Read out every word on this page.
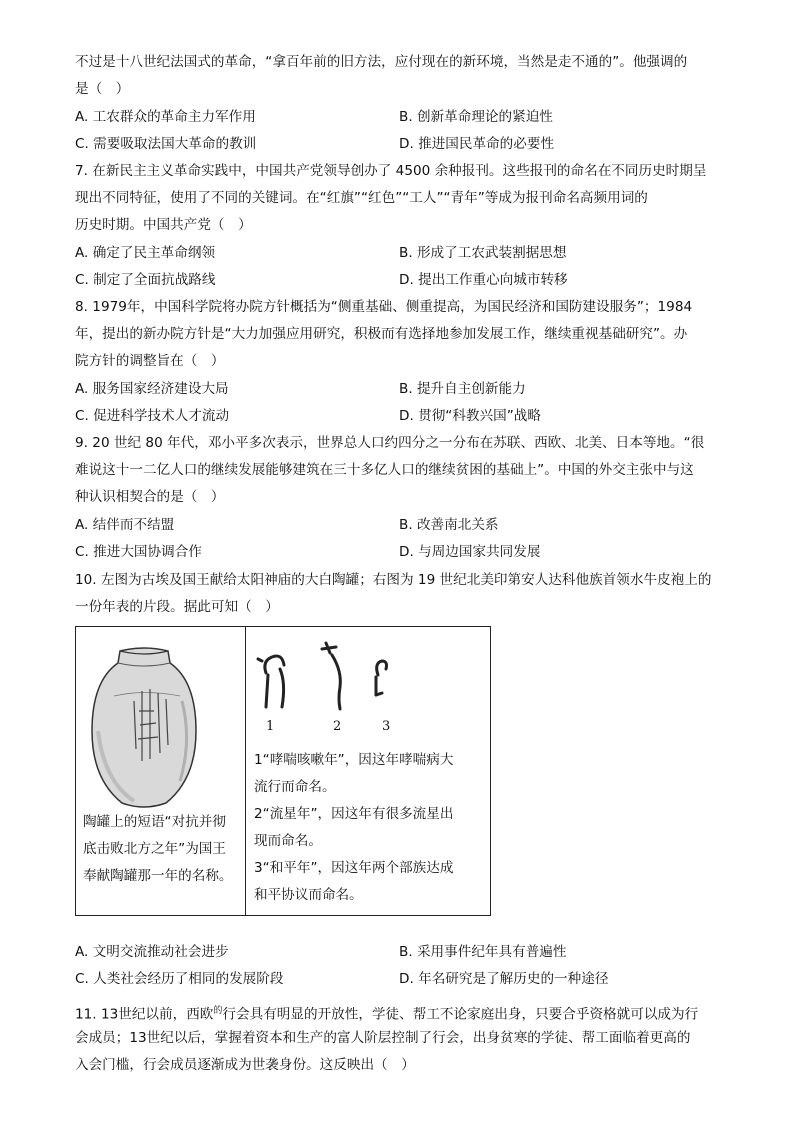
不过是十八世纪法国式的革命，“拿百年前的旧方法，应付现在的新环境，当然是走不通的”。他强调的
是（　）
A. 工农群众的革命主力军作用	B. 创新革命理论的紧迫性
C. 需要吸取法国大革命的教训	D. 推进国民革命的必要性
7. 在新民主主义革命实践中，中国共产党领导创办了 4500 余种报刊。这些报刊的命名在不同历史时期呈
现出不同特征，使用了不同的关键词。在“红旗”“红色”“工人”“青年”等成为报刊命名高频用词的
历史时期。中国共产党（　）
A. 确定了民主革命纲领	B. 形成了工农武装割据思想
C. 制定了全面抗战路线	D. 提出工作重心向城市转移
8. 1979年，中国科学院将办院方针概括为“侧重基础、侧重提高，为国民经济和国防建设服务”；1984
年，提出的新办院方针是“大力加强应用研究，积极而有选择地参加发展工作，继续重视基础研究”。办
院方针的调整旨在（　）
A. 服务国家经济建设大局	B. 提升自主创新能力
C. 促进科学技术人才流动	D. 贯彻“科教兴国”战略
9. 20 世纪 80 年代，邓小平多次表示，世界总人口约四分之一分布在苏联、西欧、北美、日本等地。“很
难说这十一二亿人口的继续发展能够建筑在三十多亿人口的继续贫困的基础上”。中国的外交主张中与这
种认识相契合的是（　）
A. 结伴而不结盟	B. 改善南北关系
C. 推进大国协调合作	D. 与周边国家共同发展
10. 左图为古埃及国王献给太阳神庙的大白陶罐；右图为 19 世纪北美印第安人达科他族首领水牛皮袍上的
一份年表的片段。据此可知（　）
陶罐上的短语“对抗并彻
底击败北方之年”为国王
奉献陶罐那一年的名称。
1	2	3
1“哮喘咳嗽年”，因这年哮喘病大
流行而命名。
2“流星年”，因这年有很多流星出
现而命名。
3“和平年”，因这年两个部族达成
和平协议而命名。
A. 文明交流推动社会进步	B. 采用事件纪年具有普遍性
C. 人类社会经历了相同的发展阶段	D. 年名研究是了解历史的一种途径
11. 13世纪以前，西欧$^的$行会具有明显的开放性，学徒、帮工不论家庭出身，只要合乎资格就可以成为行
会成员；13世纪以后，掌握着资本和生产的富人阶层控制了行会，出身贫寒的学徒、帮工面临着更高的
入会门槛，行会成员逐渐成为世袭身份。这反映出（　）
